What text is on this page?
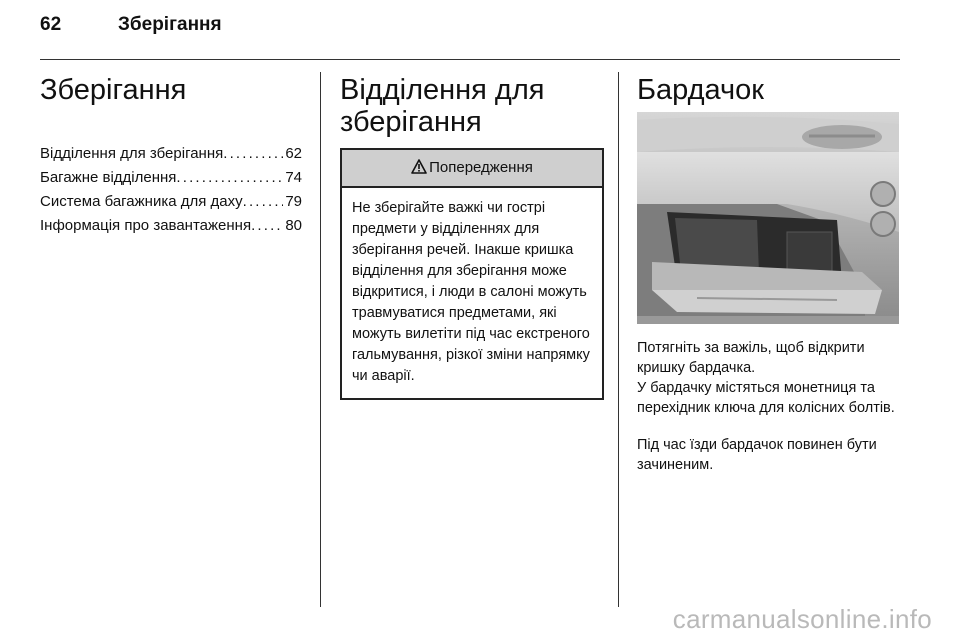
62	Зберігання
Зберігання
Відділення для зберігання . . .	62
Багажне відділення . . .	74
Система багажника для даху . . .	79
Інформація про завантаження . . . 80
Відділення для
зберігання
Попередження
Не зберігайте важкі чи гострі предмети у відділеннях для зберігання речей. Інакше кришка відділення для зберігання може відкритися, і люди в салоні можуть травмуватися предметами, які можуть вилетіти під час екстреного гальмування, різкої зміни напрямку чи аварії.
Бардачок

Потягніть за важіль, щоб відкрити кришку бардачка.

У бардачку містяться монетниця та перехідник ключа для колісних болтів.

Під час їзди бардачок повинен бути зачиненим.

carmanualsonline.info
